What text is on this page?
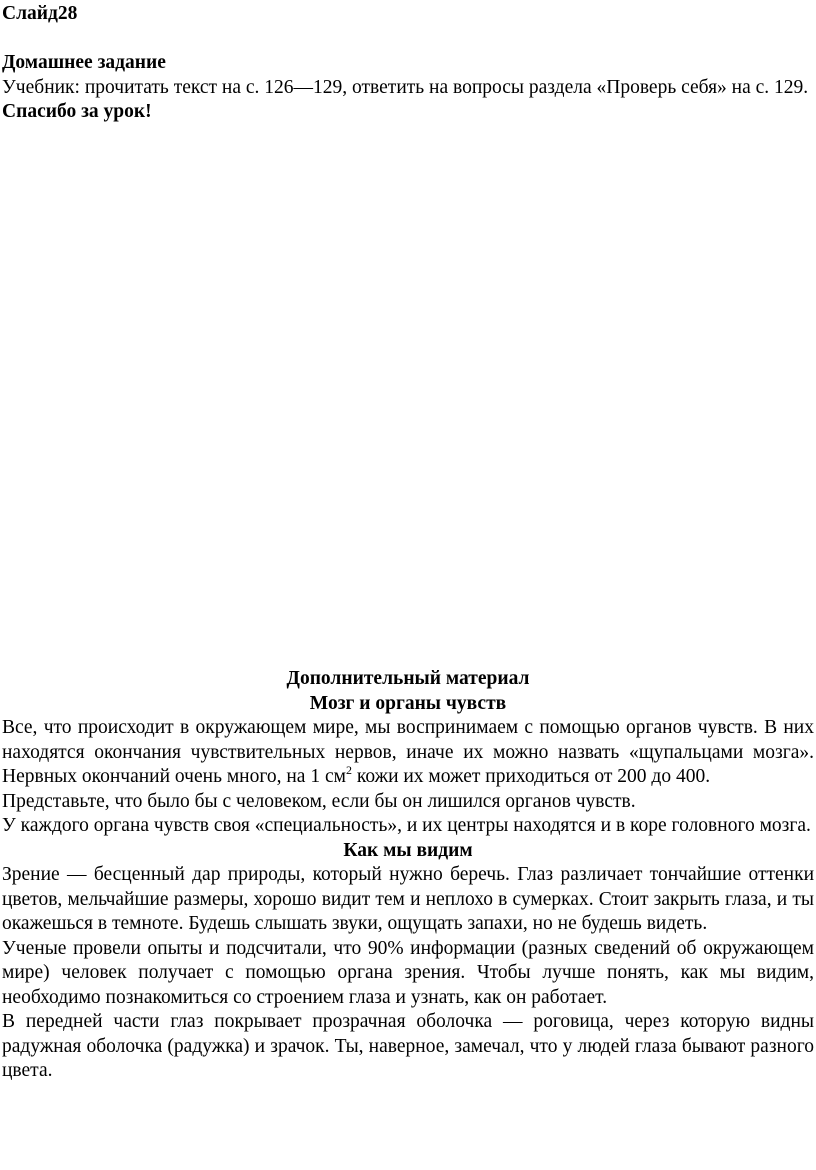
Слайд28

Домашнее задание

Учебник: прочитать текст на с. 126—129, ответить на вопросы раздела «Проверь себя» на с. 129.

Спасибо за урок!

Дополнительный материал

Мозг и органы чувств

Все, что происходит в окружающем мире, мы воспринимаем с помощью органов чувств. В них находятся окончания чувствительных нервов, иначе их можно назвать «щупальцами мозга». Нервных окончаний очень много, на 1 $см^2$ кожи их может приходиться от 200 до 400.

Представьте, что было бы с человеком, если бы он лишился органов чувств.

У каждого органа чувств своя «специальность», и их центры находятся и в коре головного мозга.

Как мы видим

Зрение — бесценный дар природы, который нужно беречь. Глаз различает тончайшие оттенки цветов, мельчайшие размеры, хорошо видит тем и неплохо в сумерках. Стоит закрыть глаза, и ты окажешься в темноте. Будешь слышать звуки, ощущать запахи, но не будешь видеть.

Ученые провели опыты и подсчитали, что 90% информации (разных сведений об окружающем мире) человек получает с помощью органа зрения. Чтобы лучше понять, как мы видим, необходимо познакомиться со строением глаза и узнать, как он работает.

В передней части глаз покрывает прозрачная оболочка — роговица, через которую видны радужная оболочка (радужка) и зрачок. Ты, наверное, замечал, что у людей глаза бывают разного цвета.
